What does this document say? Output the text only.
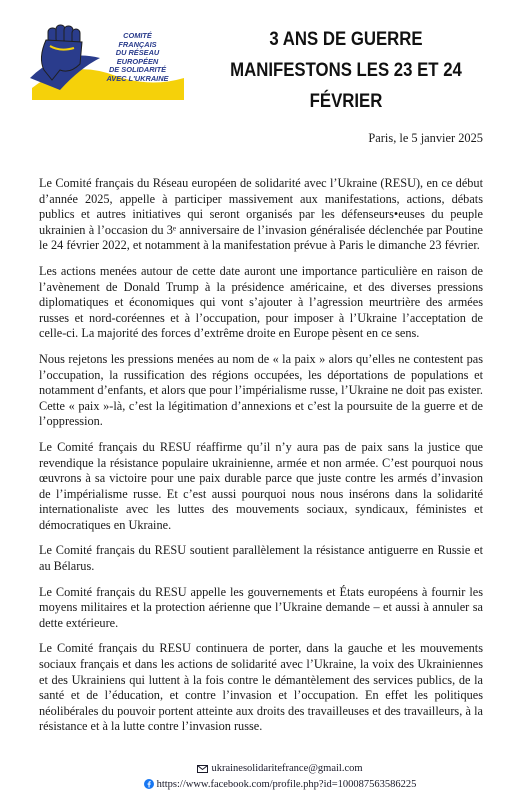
COMITÉ
FRANÇAIS
DU RÉSEAU
EUROPÉEN
DE SOLIDARITÉ
AVEC L'UKRAINE
3 ANS DE GUERRE
MANIFESTONS LES 23 ET 24 FÉVRIER
Paris, le 5 janvier 2025

Le Comité français du Réseau européen de solidarité avec l’Ukraine (RESU), en ce début d’année 2025, appelle à participer massivement aux manifestations, actions, débats publics et autres initiatives qui seront organisés par les défenseurs•euses du peuple ukrainien à l’occasion du 3ᵉ anniversaire de l’invasion généralisée déclenchée par Poutine le 24 février 2022, et notamment à la manifestation prévue à Paris le dimanche 23 février.

Les actions menées autour de cette date auront une importance particulière en raison de l’avènement de Donald Trump à la présidence américaine, et des diverses pressions diplomatiques et économiques qui vont s’ajouter à l’agression meurtrière des armées russes et nord-coréennes et à l’occupation, pour imposer à l’Ukraine l’acceptation de celle-ci. La majorité des forces d’extrême droite en Europe pèsent en ce sens.

Nous rejetons les pressions menées au nom de « la paix » alors qu’elles ne contestent pas l’occupation, la russification des régions occupées, les déportations de populations et notamment d’enfants, et alors que pour l’impérialisme russe, l’Ukraine ne doit pas exister. Cette « paix »-là, c’est la légitimation d’annexions et c’est la poursuite de la guerre et de l’oppression.

Le Comité français du RESU réaffirme qu’il n’y aura pas de paix sans la justice que revendique la résistance populaire ukrainienne, armée et non armée. C’est pourquoi nous œuvrons à sa victoire pour une paix durable parce que juste contre les armés d’invasion de l’impérialisme russe. Et c’est aussi pourquoi nous nous insérons dans la solidarité internationaliste avec les luttes des mouvements sociaux, syndicaux, féministes et démocratiques en Ukraine.

Le Comité français du RESU soutient parallèlement la résistance antiguerre en Russie et au Bélarus.

Le Comité français du RESU appelle les gouvernements et États européens à fournir les moyens militaires et la protection aérienne que l’Ukraine demande – et aussi à annuler sa dette extérieure.

Le Comité français du RESU continuera de porter, dans la gauche et les mouvements sociaux français et dans les actions de solidarité avec l’Ukraine, la voix des Ukrainiennes et des Ukrainiens qui luttent à la fois contre le démantèlement des services publics, de la santé et de l’éducation, et contre l’invasion et l’occupation. En effet les politiques néolibérales du pouvoir portent atteinte aux droits des travailleuses et des travailleurs, à la résistance et à la lutte contre l’invasion russe.

ukrainesolidaritefrance@gmail.com
https://www.facebook.com/profile.php?id=100087563586225
